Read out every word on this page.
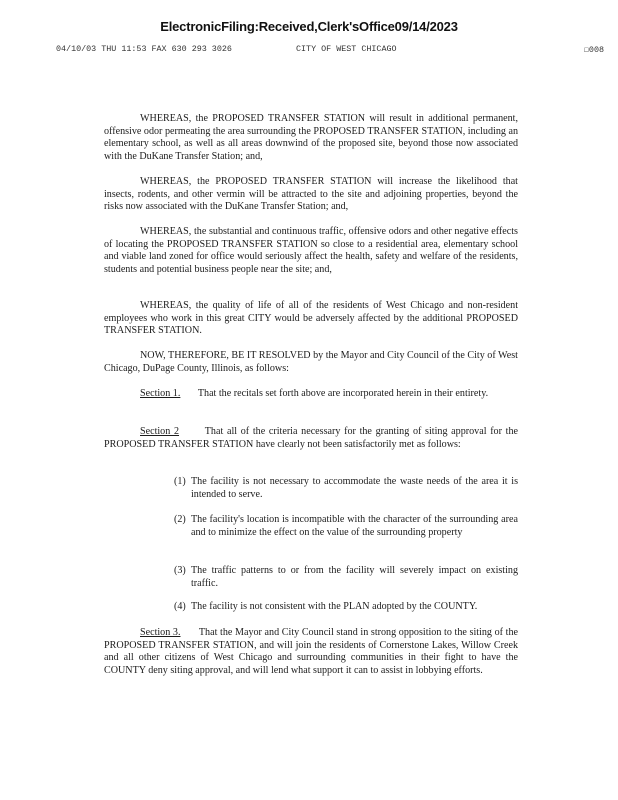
ElectronicFiling:Received,Clerk'sOffice09/14/2023
04/10/03 THU 11:53 FAX 630 293 3026	CITY OF WEST CHICAGO	☐008

WHEREAS, the PROPOSED TRANSFER STATION will result in additional permanent, offensive odor permeating the area surrounding the PROPOSED TRANSFER STATION, including an elementary school, as well as all areas downwind of the proposed site, beyond those now associated with the DuKane Transfer Station; and,

WHEREAS, the PROPOSED TRANSFER STATION will increase the likelihood that insects, rodents, and other vermin will be attracted to the site and adjoining properties, beyond the risks now associated with the DuKane Transfer Station; and,

WHEREAS, the substantial and continuous traffic, offensive odors and other negative effects of locating the PROPOSED TRANSFER STATION so close to a residential area, elementary school and viable land zoned for office would seriously affect the health, safety and welfare of the residents, students and potential business people near the site; and,

WHEREAS, the quality of life of all of the residents of West Chicago and non-resident employees who work in this great CITY would be adversely affected by the additional PROPOSED TRANSFER STATION.

NOW, THEREFORE, BE IT RESOLVED by the Mayor and City Council of the City of West Chicago, DuPage County, Illinois, as follows:

Section 1. That the recitals set forth above are incorporated herein in their entirety.

Section 2	That all of the criteria necessary for the granting of siting approval for the PROPOSED TRANSFER STATION have clearly not been satisfactorily met as follows:

(1) The facility is not necessary to accommodate the waste needs of the area it is intended to serve.
(2) The facility's location is incompatible with the character of the surrounding area and to minimize the effect on the value of the surrounding property
(3) The traffic patterns to or from the facility will severely impact on existing traffic.
(4) The facility is not consistent with the PLAN adopted by the COUNTY.

Section 3. That the Mayor and City Council stand in strong opposition to the siting of the PROPOSED TRANSFER STATION, and will join the residents of Cornerstone Lakes, Willow Creek and all other citizens of West Chicago and surrounding communities in their fight to have the COUNTY deny siting approval, and will lend what support it can to assist in lobbying efforts.
